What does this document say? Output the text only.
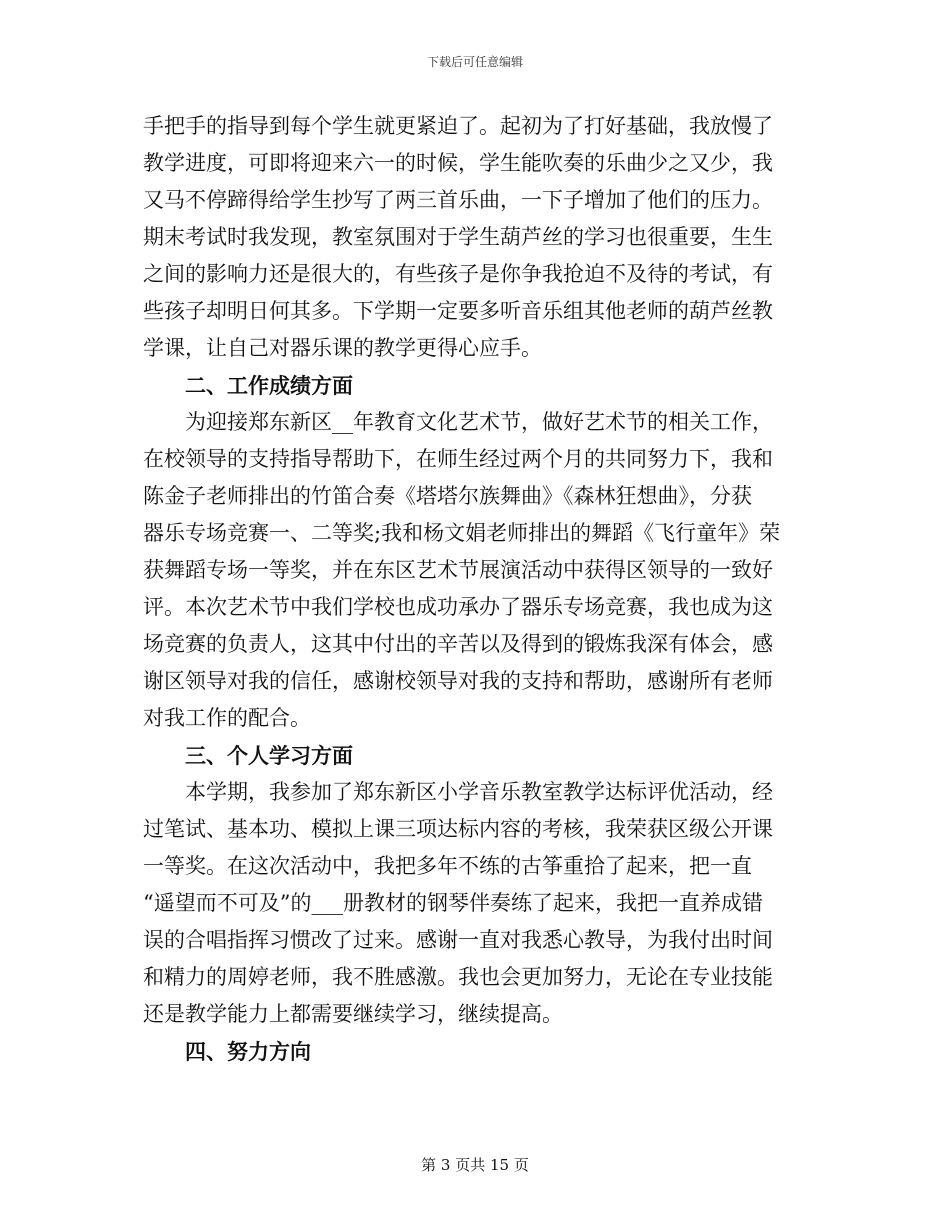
下载后可任意编辑
手把手的指导到每个学生就更紧迫了。起初为了打好基础，我放慢了
教学进度，可即将迎来六一的时候，学生能吹奏的乐曲少之又少，我
又马不停蹄得给学生抄写了两三首乐曲，一下子增加了他们的压力。
期末考试时我发现，教室氛围对于学生葫芦丝的学习也很重要，生生
之间的影响力还是很大的，有些孩子是你争我抢迫不及待的考试，有
些孩子却明日何其多。下学期一定要多听音乐组其他老师的葫芦丝教
学课，让自己对器乐课的教学更得心应手。
二、工作成绩方面
为迎接郑东新区__年教育文化艺术节，做好艺术节的相关工作，
在校领导的支持指导帮助下，在师生经过两个月的共同努力下，我和
陈金子老师排出的竹笛合奏《塔塔尔族舞曲》《森林狂想曲》，分获
器乐专场竞赛一、二等奖;我和杨文娟老师排出的舞蹈《飞行童年》荣
获舞蹈专场一等奖，并在东区艺术节展演活动中获得区领导的一致好
评。本次艺术节中我们学校也成功承办了器乐专场竞赛，我也成为这
场竞赛的负责人，这其中付出的辛苦以及得到的锻炼我深有体会，感
谢区领导对我的信任，感谢校领导对我的支持和帮助，感谢所有老师
对我工作的配合。
三、个人学习方面
本学期，我参加了郑东新区小学音乐教室教学达标评优活动，经
过笔试、基本功、模拟上课三项达标内容的考核，我荣获区级公开课
一等奖。在这次活动中，我把多年不练的古筝重拾了起来，把一直
“遥望而不可及”的___册教材的钢琴伴奏练了起来，我把一直养成错
误的合唱指挥习惯改了过来。感谢一直对我悉心教导，为我付出时间
和精力的周婷老师，我不胜感激。我也会更加努力，无论在专业技能
还是教学能力上都需要继续学习，继续提高。
四、努力方向
第 3 页共 15 页
